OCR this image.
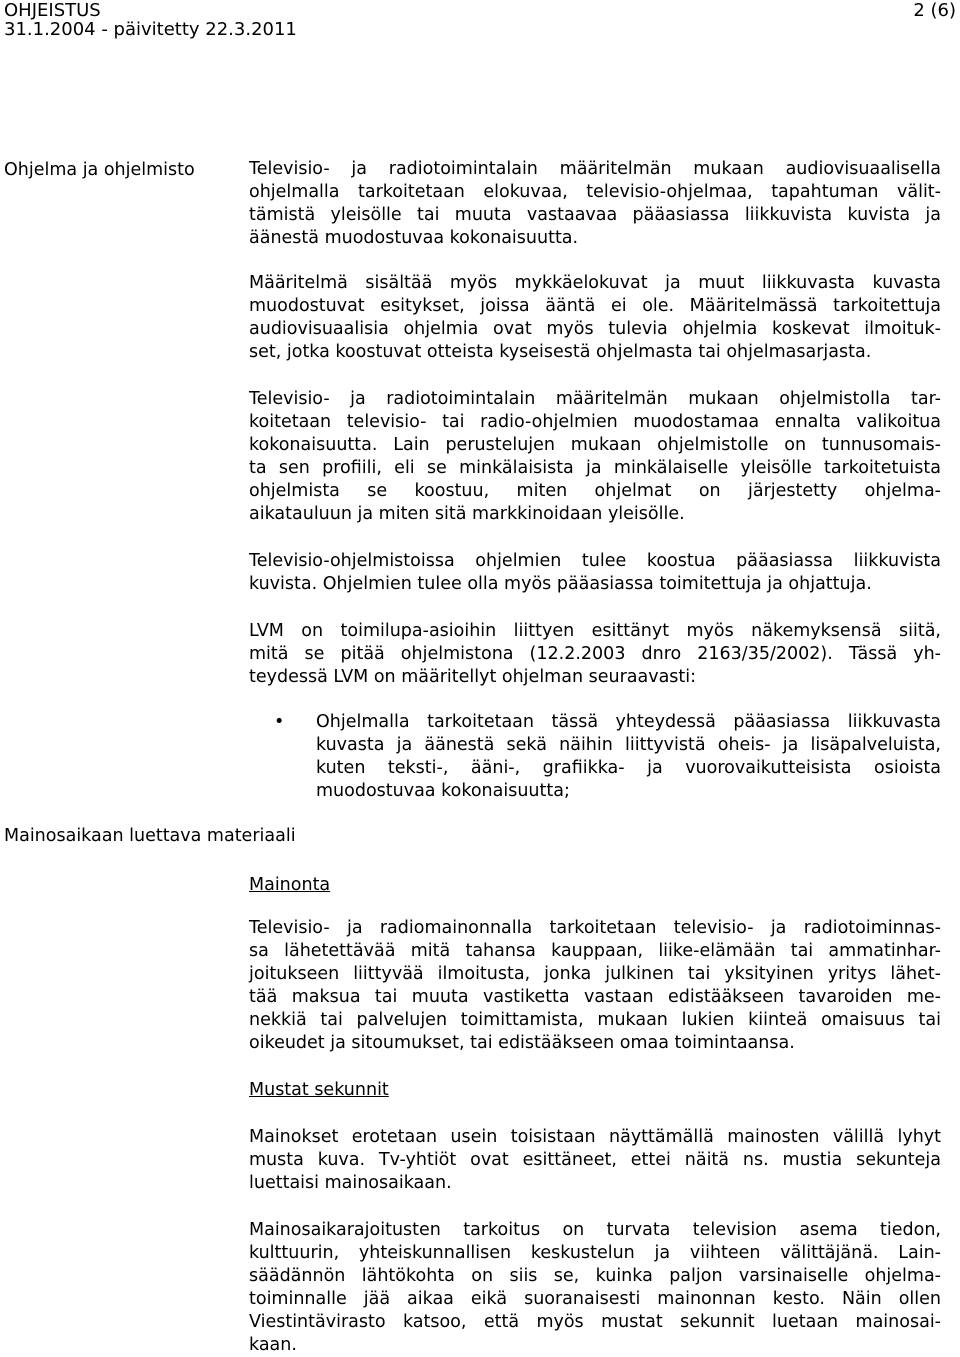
OHJEISTUS
31.1.2004 - päivitetty 22.3.2011
2 (6)
Ohjelma ja ohjelmisto
Mainosaikaan luettava materiaali
Televisio- ja radiotoimintalain määritelmän mukaan audiovisuaalisella
ohjelmalla tarkoitetaan elokuvaa, televisio-ohjelmaa, tapahtuman välit-
tämistä yleisölle tai muuta vastaavaa pääasiassa liikkuvista kuvista ja
äänestä muodostuvaa kokonaisuutta.
Määritelmä sisältää myös mykkäelokuvat ja muut liikkuvasta kuvasta
muodostuvat esitykset, joissa ääntä ei ole. Määritelmässä tarkoitettuja
audiovisuaalisia ohjelmia ovat myös tulevia ohjelmia koskevat ilmoituk-
set, jotka koostuvat otteista kyseisestä ohjelmasta tai ohjelmasarjasta.
Televisio- ja radiotoimintalain määritelmän mukaan ohjelmistolla tar-
koitetaan televisio- tai radio-ohjelmien muodostamaa ennalta valikoitua
kokonaisuutta. Lain perustelujen mukaan ohjelmistolle on tunnusomais-
ta sen profiili, eli se minkälaisista ja minkälaiselle yleisölle tarkoitetuista
ohjelmista se koostuu, miten ohjelmat on järjestetty ohjelma-
aikatauluun ja miten sitä markkinoidaan yleisölle.
Televisio-ohjelmistoissa ohjelmien tulee koostua pääasiassa liikkuvista
kuvista. Ohjelmien tulee olla myös pääasiassa toimitettuja ja ohjattuja.
LVM on toimilupa-asioihin liittyen esittänyt myös näkemyksensä siitä,
mitä se pitää ohjelmistona (12.2.2003 dnro 2163/35/2002). Tässä yh-
teydessä LVM on määritellyt ohjelman seuraavasti:
•	Ohjelmalla tarkoitetaan tässä yhteydessä pääasiassa liikkuvasta
kuvasta ja äänestä sekä näihin liittyvistä oheis- ja lisäpalveluista,
kuten teksti-, ääni-, grafiikka- ja vuorovaikutteisista osioista
muodostuvaa kokonaisuutta;
Mainonta
Televisio- ja radiomainonnalla tarkoitetaan televisio- ja radiotoiminnas-
sa lähetettävää mitä tahansa kauppaan, liike-elämään tai ammatinhar-
joitukseen liittyvää ilmoitusta, jonka julkinen tai yksityinen yritys lähet-
tää maksua tai muuta vastiketta vastaan edistääkseen tavaroiden me-
nekkiä tai palvelujen toimittamista, mukaan lukien kiinteä omaisuus tai
oikeudet ja sitoumukset, tai edistääkseen omaa toimintaansa.
Mustat sekunnit
Mainokset erotetaan usein toisistaan näyttämällä mainosten välillä lyhyt
musta kuva. Tv-yhtiöt ovat esittäneet, ettei näitä ns. mustia sekunteja
luettaisi mainosaikaan.
Mainosaikarajoitusten tarkoitus on turvata television asema tiedon,
kulttuurin, yhteiskunnallisen keskustelun ja viihteen välittäjänä. Lain-
säädännön lähtökohta on siis se, kuinka paljon varsinaiselle ohjelma-
toiminnalle jää aikaa eikä suoranaisesti mainonnan kesto. Näin ollen
Viestintävirasto katsoo, että myös mustat sekunnit luetaan mainosai-
kaan.
